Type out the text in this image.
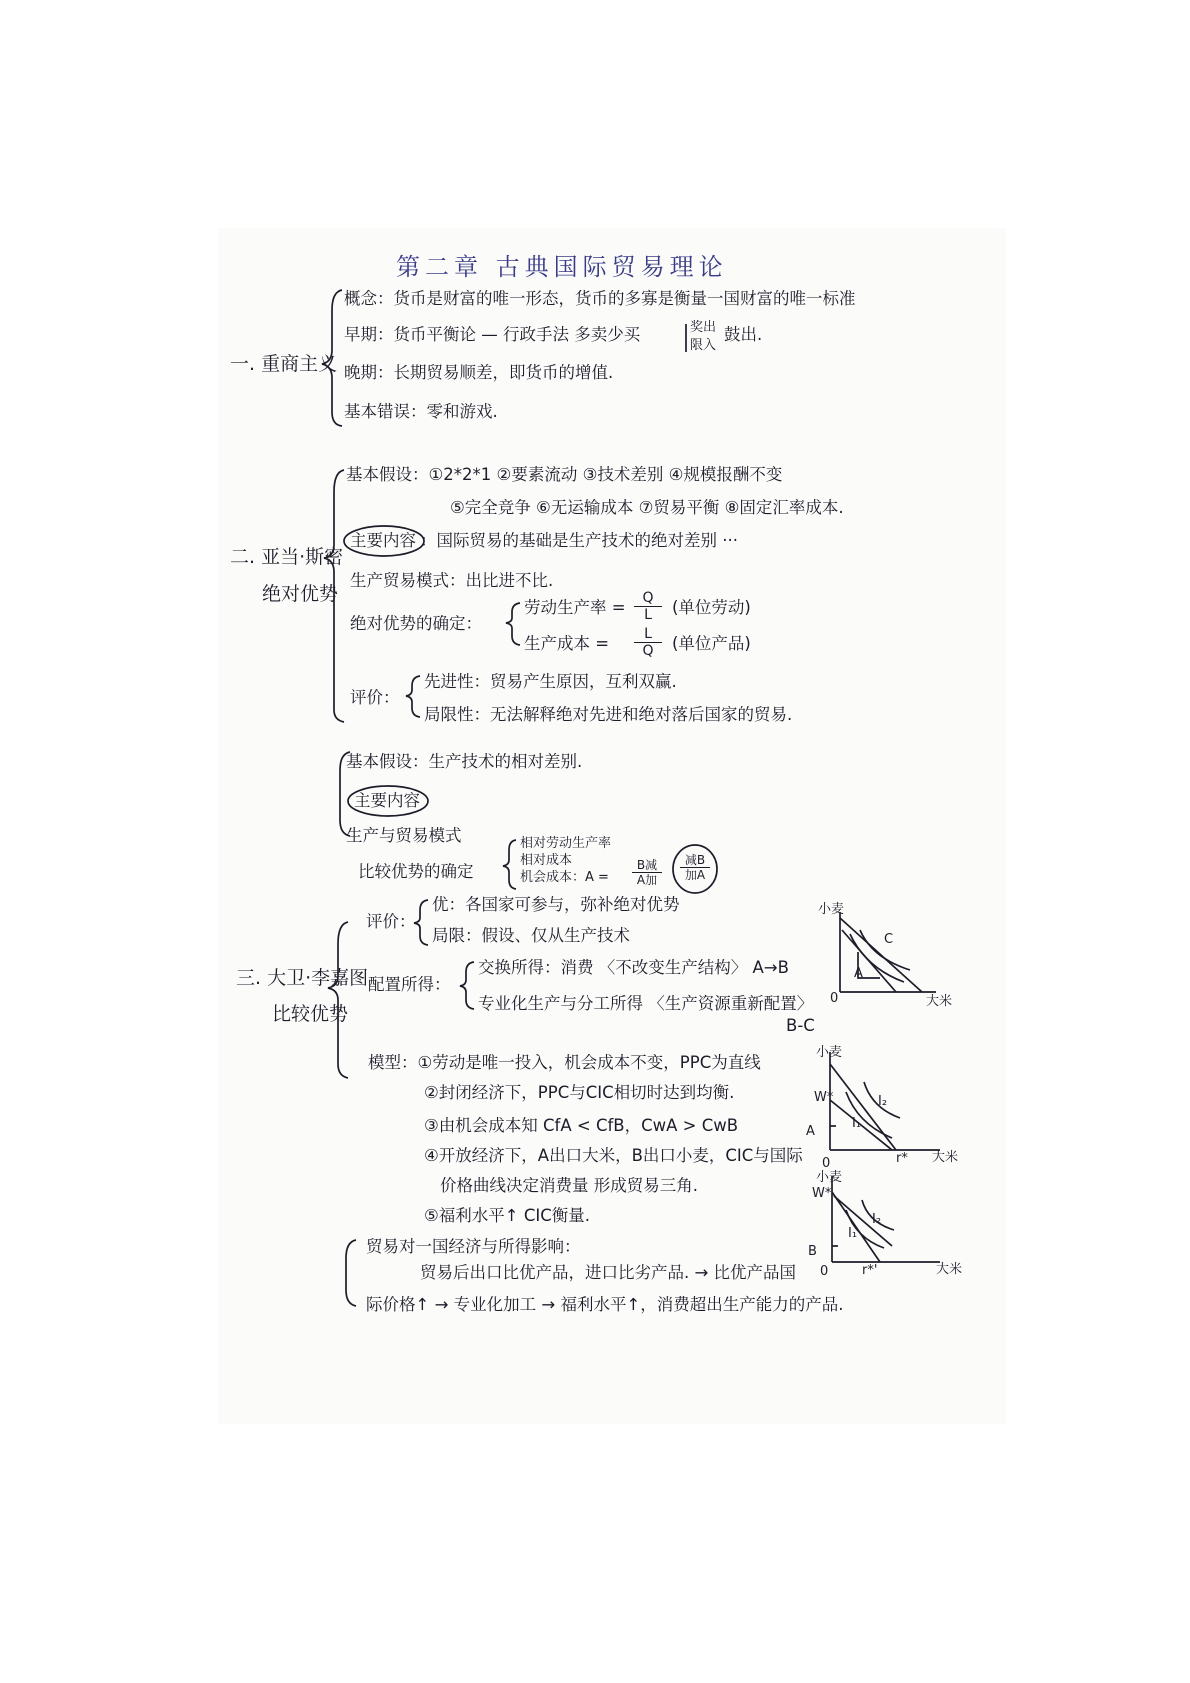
第二章 古典国际贸易理论
一. 重商主义
概念：货币是财富的唯一形态，货币的多寡是衡量一国财富的唯一标准
早期：货币平衡论 — 行政手法 多卖少买	奖出
限入
鼓出.
晚期：长期贸易顺差，即货币的增值.
基本错误：零和游戏.
二. 亚当·斯密
绝对优势
基本假设：①2*2*1 ②要素流动 ③技术差别 ④规模报酬不变
⑤完全竞争 ⑥无运输成本 ⑦贸易平衡 ⑧固定汇率成本.
主要内容 ：国际贸易的基础是生产技术的绝对差别 ···
生产贸易模式：出比进不比.
绝对优势的确定：
劳动生产率 = $\frac{Q}{L}$ (单位劳动)
生产成本 = $\frac{L}{Q}$ (单位产品)
评价：
先进性：贸易产生原因，互利双赢.
局限性：无法解释绝对先进和绝对落后国家的贸易.
三. 大卫·李嘉图
比较优势
基本假设：生产技术的相对差别.
主要内容
生产与贸易模式
比较优势的确定
相对劳动生产率
相对成本
机会成本：A =
B减
A加
减B
加A
评价：
优：各国家可参与，弥补绝对优势
局限：假设、仅从生产技术
配置所得：
交换所得：消费 〈不改变生产结构〉 A→B
专业化生产与分工所得 〈生产资源重新配置〉
B-C
模型：①劳动是唯一投入，机会成本不变，PPC为直线
②封闭经济下，PPC与CIC相切时达到均衡.
③由机会成本知 CfA < CfB，CwA > CwB
④开放经济下，A出口大米，B出口小麦，CIC与国际
价格曲线决定消费量 形成贸易三角.
⑤福利水平↑ CIC衡量.
贸易对一国经济与所得影响：
贸易后出口比优产品，进口比劣产品. → 比优产品国
际价格↑ → 专业化加工 → 福利水平↑，消费超出生产能力的产品.
小麦
大米
0
C
A
小麦
大米
0
W*
r*
A
I₁
I₂
小麦
大米
0
W*
r*'
B
I₁
I₂
